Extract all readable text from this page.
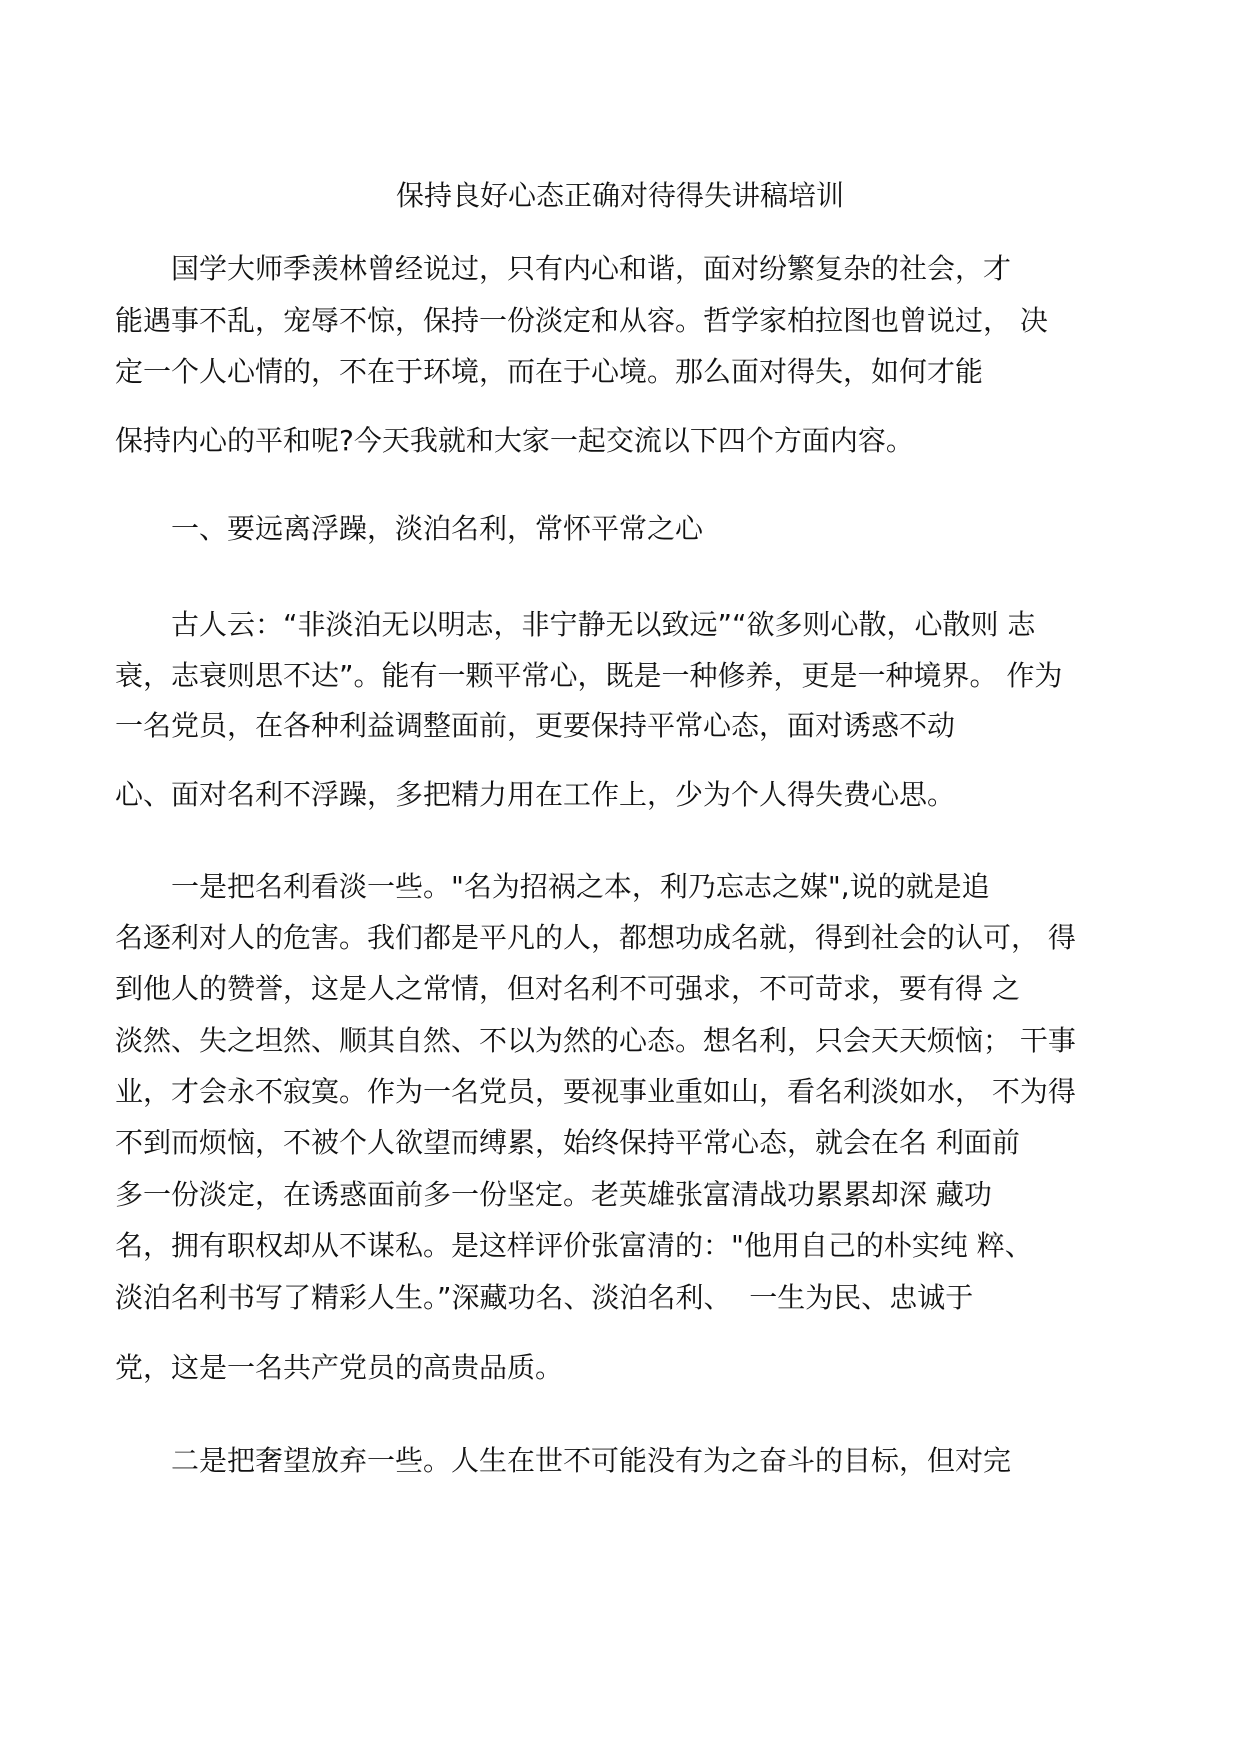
保持良好心态正确对待得失讲稿培训
　　国学大师季羡林曾经说过，只有内心和谐，面对纷繁复杂的社会，才
能遇事不乱，宠辱不惊，保持一份淡定和从容。哲学家柏拉图也曾说过， 决
定一个人心情的，不在于环境，而在于心境。那么面对得失，如何才能
保持内心的平和呢?今天我就和大家一起交流以下四个方面内容。
　　一、要远离浮躁，淡泊名利，常怀平常之心
　　古人云：“非淡泊无以明志，非宁静无以致远”“欲多则心散，心散则 志
衰，志衰则思不达”。能有一颗平常心，既是一种修养，更是一种境界。 作为
一名党员，在各种利益调整面前，更要保持平常心态，面对诱惑不动
心、面对名利不浮躁，多把精力用在工作上，少为个人得失费心思。
　　一是把名利看淡一些。"名为招祸之本，利乃忘志之媒",说的就是追
名逐利对人的危害。我们都是平凡的人，都想功成名就，得到社会的认可， 得
到他人的赞誉，这是人之常情，但对名利不可强求，不可苛求，要有得 之
淡然、失之坦然、顺其自然、不以为然的心态。想名利，只会天天烦恼； 干事
业，才会永不寂寞。作为一名党员，要视事业重如山，看名利淡如水， 不为得
不到而烦恼，不被个人欲望而缚累，始终保持平常心态，就会在名 利面前
多一份淡定，在诱惑面前多一份坚定。老英雄张富清战功累累却深 藏功
名，拥有职权却从不谋私。是这样评价张富清的："他用自己的朴实纯 粹、
淡泊名利书写了精彩人生。”深藏功名、淡泊名利、  一生为民、忠诚于
党，这是一名共产党员的高贵品质。
　　二是把奢望放弃一些。人生在世不可能没有为之奋斗的目标，但对完
